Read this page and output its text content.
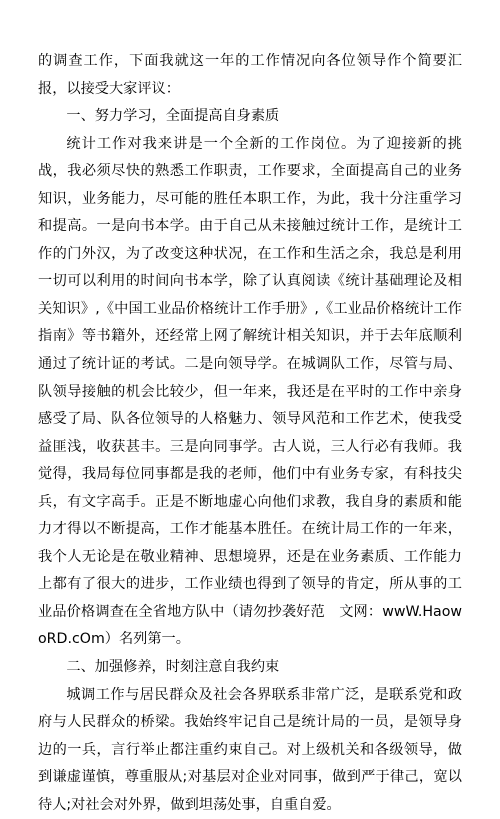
的调查工作，下面我就这一年的工作情况向各位领导作个简要汇报，以接受大家评议：

一、努力学习，全面提高自身素质

统计工作对我来讲是一个全新的工作岗位。为了迎接新的挑战，我必须尽快的熟悉工作职责，工作要求，全面提高自己的业务知识，业务能力，尽可能的胜任本职工作，为此，我十分注重学习和提高。一是向书本学。由于自己从未接触过统计工作，是统计工作的门外汉，为了改变这种状况，在工作和生活之余，我总是利用一切可以利用的时间向书本学，除了认真阅读《统计基础理论及相关知识》,《中国工业品价格统计工作手册》,《工业品价格统计工作指南》等书籍外，还经常上网了解统计相关知识，并于去年底顺利通过了统计证的考试。二是向领导学。在城调队工作，尽管与局、队领导接触的机会比较少，但一年来，我还是在平时的工作中亲身感受了局、队各位领导的人格魅力、领导风范和工作艺术，使我受益匪浅，收获甚丰。三是向同事学。古人说，三人行必有我师。我觉得，我局每位同事都是我的老师，他们中有业务专家，有科技尖兵，有文字高手。正是不断地虚心向他们求教，我自身的素质和能力才得以不断提高，工作才能基本胜任。在统计局工作的一年来，我个人无论是在敬业精神、思想境界，还是在业务素质、工作能力上都有了很大的进步，工作业绩也得到了领导的肯定，所从事的工业品价格调查在全省地方队中（请勿抄袭好范　文网：wwW.HaowoRD.cOm）名列第一。

二、加强修养，时刻注意自我约束

城调工作与居民群众及社会各界联系非常广泛，是联系党和政府与人民群众的桥梁。我始终牢记自己是统计局的一员，是领导身边的一兵，言行举止都注重约束自己。对上级机关和各级领导，做到谦虚谨慎，尊重服从;对基层对企业对同事，做到严于律己，宽以待人;对社会对外界，做到坦荡处事，自重自爱。
